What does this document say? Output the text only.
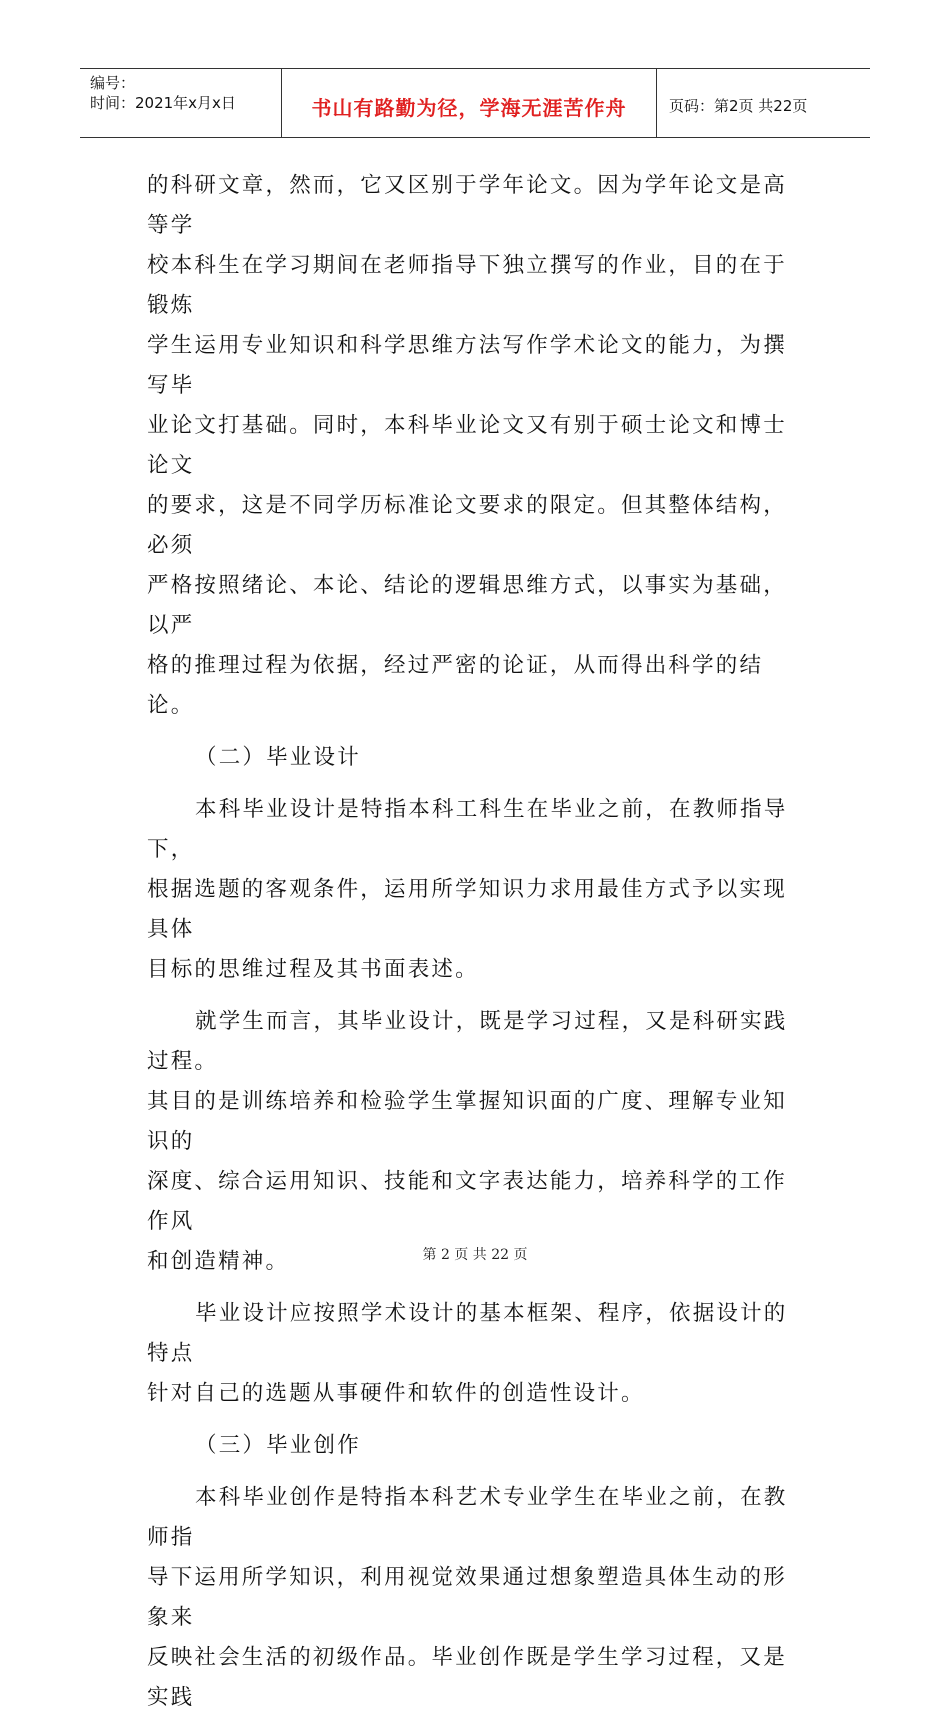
编号：
时间：2021年x月x日	书山有路勤为径，学海无涯苦作舟	页码：第2页 共22页
的科研文章，然而，它又区别于学年论文。因为学年论文是高等学
校本科生在学习期间在老师指导下独立撰写的作业，目的在于锻炼
学生运用专业知识和科学思维方法写作学术论文的能力，为撰写毕
业论文打基础。同时，本科毕业论文又有别于硕士论文和博士论文
的要求，这是不同学历标准论文要求的限定。但其整体结构，必须
严格按照绪论、本论、结论的逻辑思维方式，以事实为基础，以严
格的推理过程为依据，经过严密的论证，从而得出科学的结论。
（二）毕业设计
本科毕业设计是特指本科工科生在毕业之前，在教师指导下，
根据选题的客观条件，运用所学知识力求用最佳方式予以实现具体
目标的思维过程及其书面表述。
就学生而言，其毕业设计，既是学习过程，又是科研实践过程。
其目的是训练培养和检验学生掌握知识面的广度、理解专业知识的
深度、综合运用知识、技能和文字表达能力，培养科学的工作作风
和创造精神。
毕业设计应按照学术设计的基本框架、程序，依据设计的特点
针对自己的选题从事硬件和软件的创造性设计。
（三）毕业创作
本科毕业创作是特指本科艺术专业学生在毕业之前，在教师指
导下运用所学知识，利用视觉效果通过想象塑造具体生动的形象来
反映社会生活的初级作品。毕业创作既是学生学习过程，又是实践
第 2 页 共 22 页
